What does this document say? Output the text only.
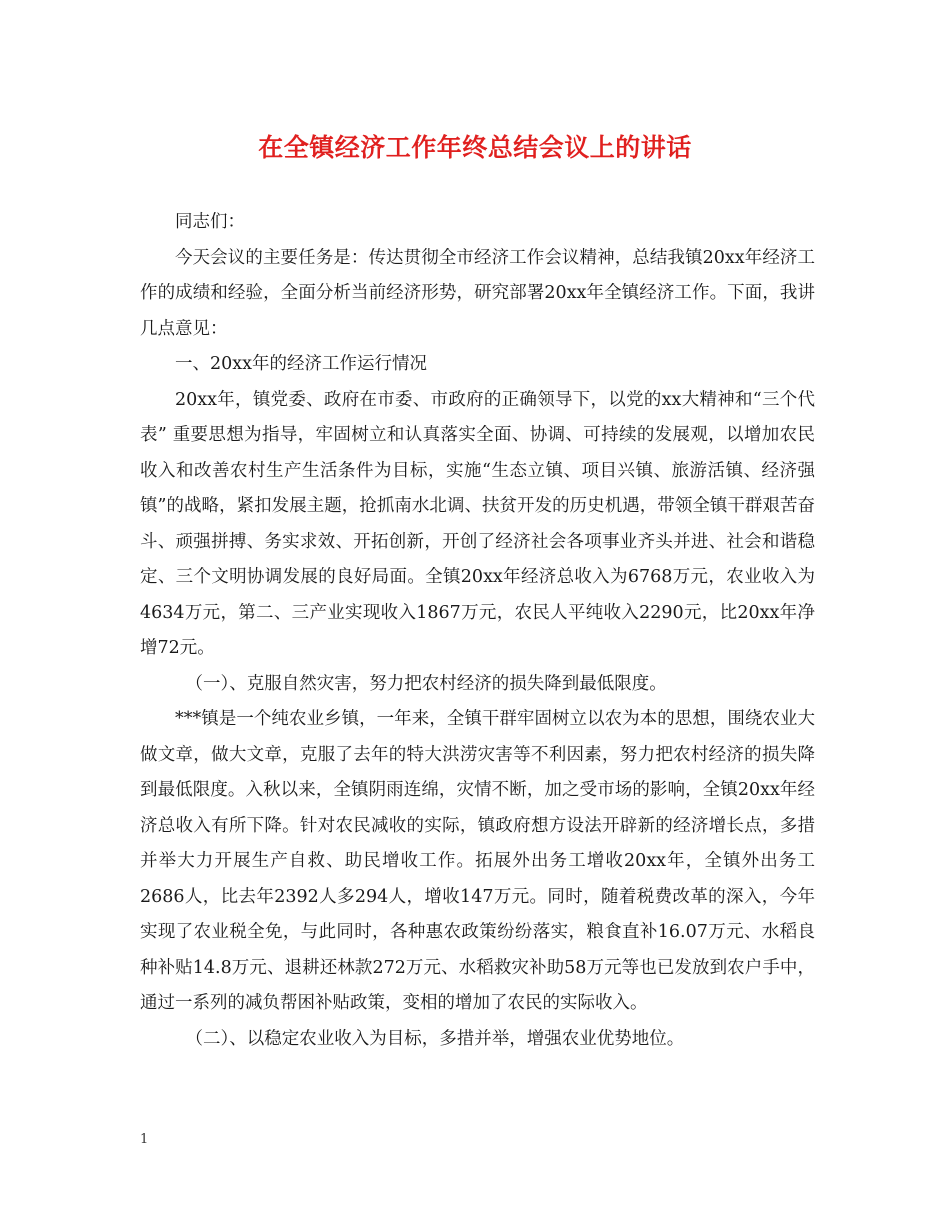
在全镇经济工作年终总结会议上的讲话

同志们：

今天会议的主要任务是：传达贯彻全市经济工作会议精神，总结我镇20xx年经济工作的成绩和经验，全面分析当前经济形势，研究部署20xx年全镇经济工作。下面，我讲几点意见：

一、20xx年的经济工作运行情况

20xx年，镇党委、政府在市委、市政府的正确领导下，以党的xx大精神和“三个代表” 重要思想为指导，牢固树立和认真落实全面、协调、可持续的发展观，以增加农民收入和改善农村生产生活条件为目标，实施“生态立镇、项目兴镇、旅游活镇、经济强镇”的战略，紧扣发展主题，抢抓南水北调、扶贫开发的历史机遇，带领全镇干群艰苦奋斗、顽强拼搏、务实求效、开拓创新，开创了经济社会各项事业齐头并进、社会和谐稳定、三个文明协调发展的良好局面。全镇20xx年经济总收入为6768万元，农业收入为4634万元，第二、三产业实现收入1867万元，农民人平纯收入2290元，比20xx年净增72元。

（一）、克服自然灾害，努力把农村经济的损失降到最低限度。

***镇是一个纯农业乡镇，一年来，全镇干群牢固树立以农为本的思想，围绕农业大做文章，做大文章，克服了去年的特大洪涝灾害等不利因素，努力把农村经济的损失降到最低限度。入秋以来，全镇阴雨连绵，灾情不断，加之受市场的影响，全镇20xx年经济总收入有所下降。针对农民减收的实际，镇政府想方设法开辟新的经济增长点，多措并举大力开展生产自救、助民增收工作。拓展外出务工增收20xx年，全镇外出务工2686人，比去年2392人多294人，增收147万元。同时，随着税费改革的深入，今年实现了农业税全免，与此同时，各种惠农政策纷纷落实，粮食直补16.07万元、水稻良种补贴14.8万元、退耕还林款272万元、水稻救灾补助58万元等也已发放到农户手中，通过一系列的减负帮困补贴政策，变相的增加了农民的实际收入。

（二）、以稳定农业收入为目标，多措并举，增强农业优势地位。

1
